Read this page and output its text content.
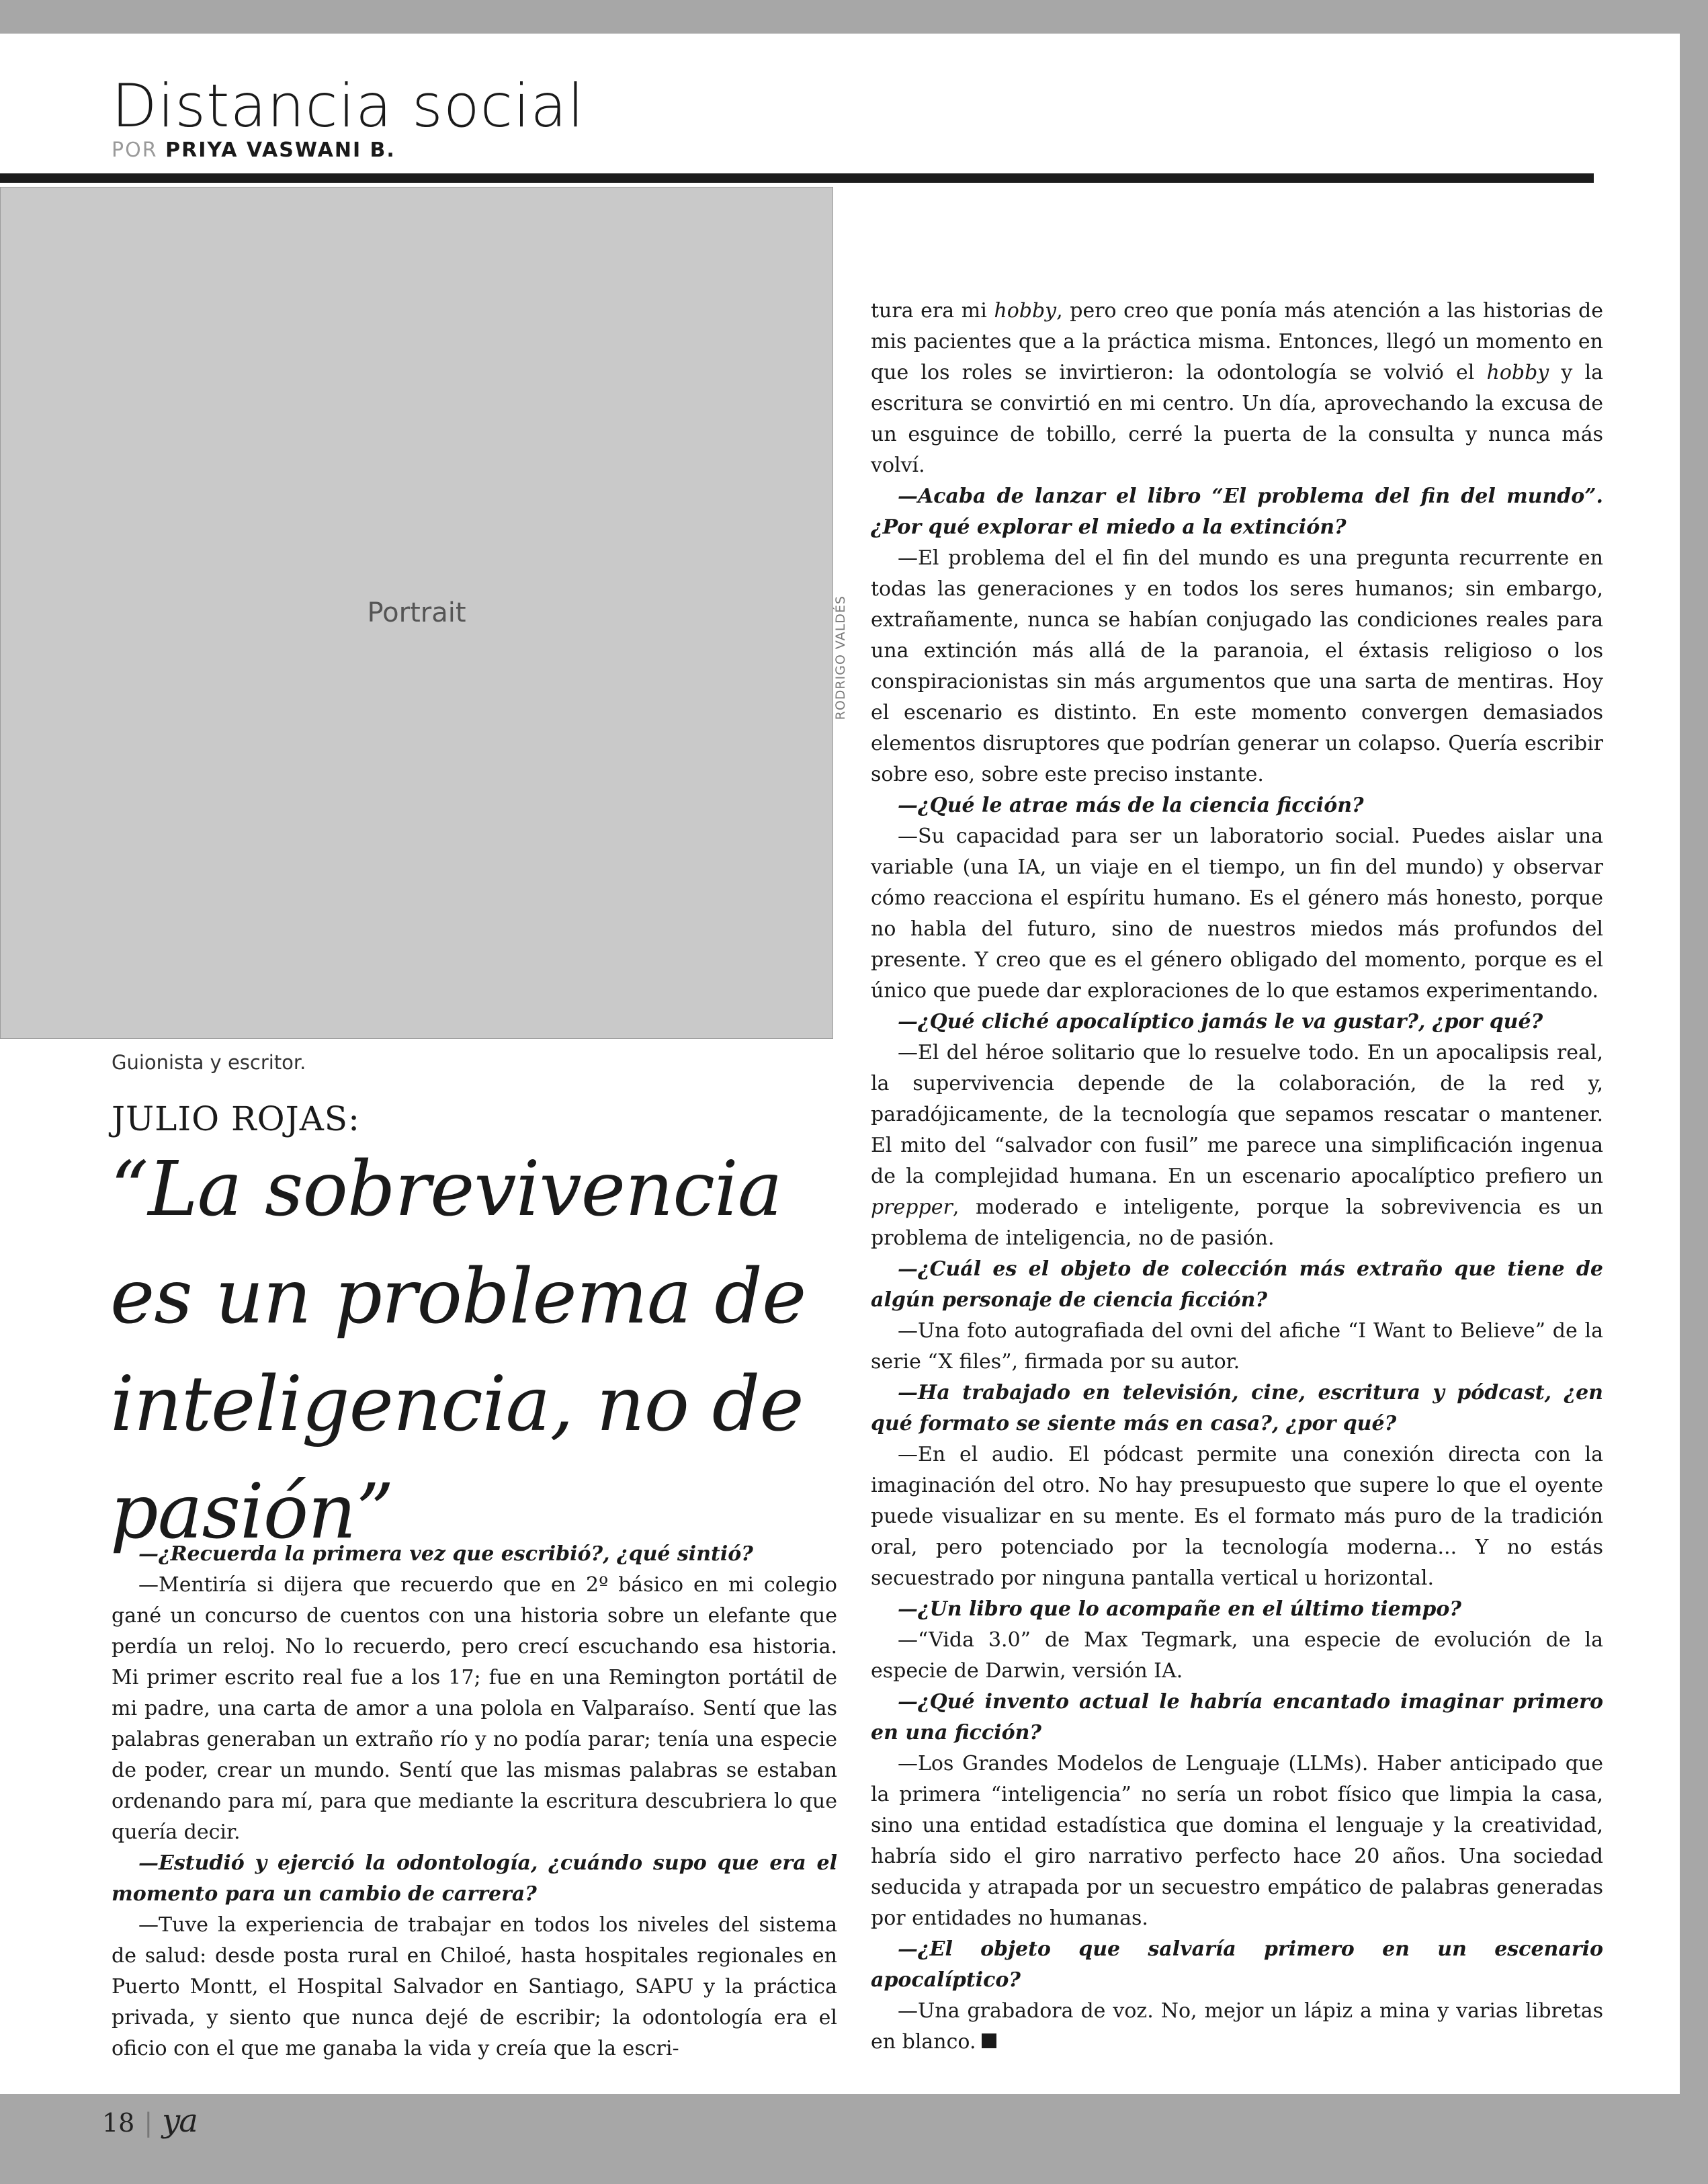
Distancia social
POR PRIYA VASWANI B.
Portrait	RODRIGO VALDÉS
Guionista y escritor.
JULIO ROJAS:
“La sobrevivencia es un problema de inteligencia, no de pasión”

—¿Recuerda la primera vez que escribió?, ¿qué sintió?

—Mentiría si dijera que recuerdo que en 2º básico en mi colegio gané un concurso de cuentos con una historia sobre un elefante que perdía un reloj. No lo recuerdo, pero crecí escuchando esa historia. Mi primer escrito real fue a los 17; fue en una Remington portátil de mi padre, una carta de amor a una polola en Valparaíso. Sentí que las palabras generaban un extraño río y no podía parar; tenía una especie de poder, crear un mundo. Sentí que las mismas palabras se estaban ordenando para mí, para que mediante la escritura descubriera lo que quería decir.

—Estudió y ejerció la odontología, ¿cuándo supo que era el momento para un cambio de carrera?

—Tuve la experiencia de trabajar en todos los niveles del sistema de salud: desde posta rural en Chiloé, hasta hospitales regionales en Puerto Montt, el Hospital Salvador en Santiago, SAPU y la práctica privada, y siento que nunca dejé de escribir; la odontología era el oficio con el que me ganaba la vida y creía que la escri-

tura era mi hobby, pero creo que ponía más atención a las historias de mis pacientes que a la práctica misma. Entonces, llegó un momento en que los roles se invirtieron: la odontología se volvió el hobby y la escritura se convirtió en mi centro. Un día, aprovechando la excusa de un esguince de tobillo, cerré la puerta de la consulta y nunca más volví.

—Acaba de lanzar el libro “El problema del fin del mundo”. ¿Por qué explorar el miedo a la extinción?

—El problema del el fin del mundo es una pregunta recurrente en todas las generaciones y en todos los seres humanos; sin embargo, extrañamente, nunca se habían conjugado las condiciones reales para una extinción más allá de la paranoia, el éxtasis religioso o los conspiracionistas sin más argumentos que una sarta de mentiras. Hoy el escenario es distinto. En este momento convergen demasiados elementos disruptores que podrían generar un colapso. Quería escribir sobre eso, sobre este preciso instante.

—¿Qué le atrae más de la ciencia ficción?

—Su capacidad para ser un laboratorio social. Puedes aislar una variable (una IA, un viaje en el tiempo, un fin del mundo) y observar cómo reacciona el espíritu humano. Es el género más honesto, porque no habla del futuro, sino de nuestros miedos más profundos del presente. Y creo que es el género obligado del momento, porque es el único que puede dar exploraciones de lo que estamos experimentando.

—¿Qué cliché apocalíptico jamás le va gustar?, ¿por qué?

—El del héroe solitario que lo resuelve todo. En un apocalipsis real, la supervivencia depende de la colaboración, de la red y, paradójicamente, de la tecnología que sepamos rescatar o mantener. El mito del “salvador con fusil” me parece una simplificación ingenua de la complejidad humana. En un escenario apocalíptico prefiero un prepper, moderado e inteligente, porque la sobrevivencia es un problema de inteligencia, no de pasión.

—¿Cuál es el objeto de colección más extraño que tiene de algún personaje de ciencia ficción?

—Una foto autografiada del ovni del afiche “I Want to Believe” de la serie “X files”, firmada por su autor.

—Ha trabajado en televisión, cine, escritura y pódcast, ¿en qué formato se siente más en casa?, ¿por qué?

—En el audio. El pódcast permite una conexión directa con la imaginación del otro. No hay presupuesto que supere lo que el oyente puede visualizar en su mente. Es el formato más puro de la tradición oral, pero potenciado por la tecnología moderna... Y no estás secuestrado por ninguna pantalla vertical u horizontal.

—¿Un libro que lo acompañe en el último tiempo?

—“Vida 3.0” de Max Tegmark, una especie de evolución de la especie de Darwin, versión IA.

—¿Qué invento actual le habría encantado imaginar primero en una ficción?

—Los Grandes Modelos de Lenguaje (LLMs). Haber anticipado que la primera “inteligencia” no sería un robot físico que limpia la casa, sino una entidad estadística que domina el lenguaje y la creatividad, habría sido el giro narrativo perfecto hace 20 años. Una sociedad seducida y atrapada por un secuestro empático de palabras generadas por entidades no humanas.

—¿El objeto que salvaría primero en un escenario apocalíptico?

—Una grabadora de voz. No, mejor un lápiz a mina y varias libretas en blanco.

18 | ya
